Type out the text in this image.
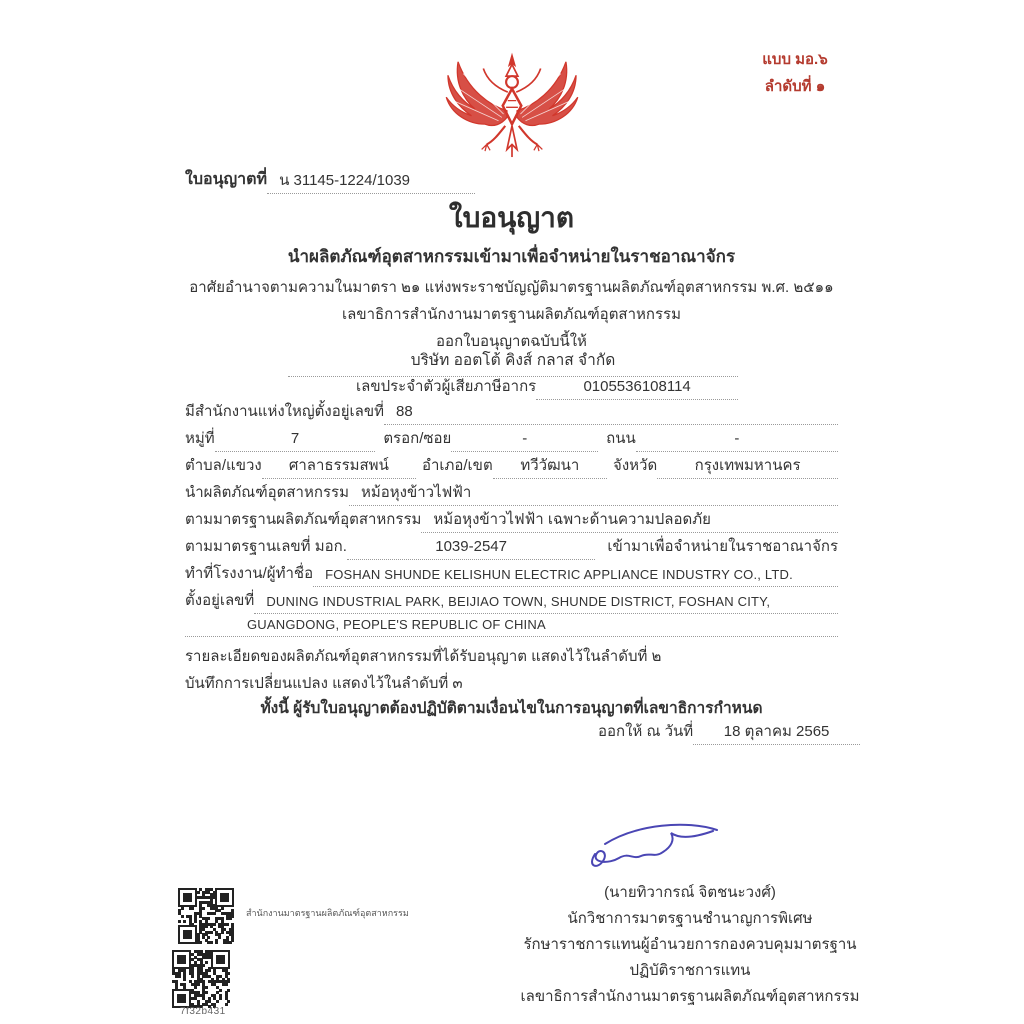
แบบ มอ.๖
ลำดับที่ ๑
ใบอนุญาตที่ น 31145-1224/1039
ใบอนุญาต
นำผลิตภัณฑ์อุตสาหกรรมเข้ามาเพื่อจำหน่ายในราชอาณาจักร
อาศัยอำนาจตามความในมาตรา ๒๑ แห่งพระราชบัญญัติมาตรฐานผลิตภัณฑ์อุตสาหกรรม พ.ศ. ๒๕๑๑
เลขาธิการสำนักงานมาตรฐานผลิตภัณฑ์อุตสาหกรรม
ออกใบอนุญาตฉบับนี้ให้
บริษัท ออตโต้ คิงส์ กลาส จำกัด
เลขประจำตัวผู้เสียภาษีอากร	0105536108114
มีสำนักงานแห่งใหญ่ตั้งอยู่เลขที่ 88
หมู่ที่	7	ตรอก/ซอย	-	ถนน	-
ตำบล/แขวง	ศาลาธรรมสพน์	อำเภอ/เขต	ทวีวัฒนา	จังหวัด	กรุงเทพมหานคร
นำผลิตภัณฑ์อุตสาหกรรม หม้อหุงข้าวไฟฟ้า
ตามมาตรฐานผลิตภัณฑ์อุตสาหกรรม หม้อหุงข้าวไฟฟ้า เฉพาะด้านความปลอดภัย
ตามมาตรฐานเลขที่ มอก.	1039-2547	เข้ามาเพื่อจำหน่ายในราชอาณาจักร
ทำที่โรงงาน/ผู้ทำชื่อ FOSHAN SHUNDE KELISHUN ELECTRIC APPLIANCE INDUSTRY CO., LTD.
ตั้งอยู่เลขที่ DUNING INDUSTRIAL PARK, BEIJIAO TOWN, SHUNDE DISTRICT, FOSHAN CITY,
GUANGDONG, PEOPLE'S REPUBLIC OF CHINA
รายละเอียดของผลิตภัณฑ์อุตสาหกรรมที่ได้รับอนุญาต แสดงไว้ในลำดับที่ ๒
บันทึกการเปลี่ยนแปลง แสดงไว้ในลำดับที่ ๓
ทั้งนี้ ผู้รับใบอนุญาตต้องปฏิบัติตามเงื่อนไขในการอนุญาตที่เลขาธิการกำหนด
ออกให้ ณ วันที่	18 ตุลาคม 2565
(นายทิวากรณ์ จิตชนะวงศ์)
นักวิชาการมาตรฐานชำนาญการพิเศษ
รักษาราชการแทนผู้อำนวยการกองควบคุมมาตรฐาน
ปฏิบัติราชการแทน
เลขาธิการสำนักงานมาตรฐานผลิตภัณฑ์อุตสาหกรรม
สำนักงานมาตรฐานผลิตภัณฑ์อุตสาหกรรม
7f32b431
